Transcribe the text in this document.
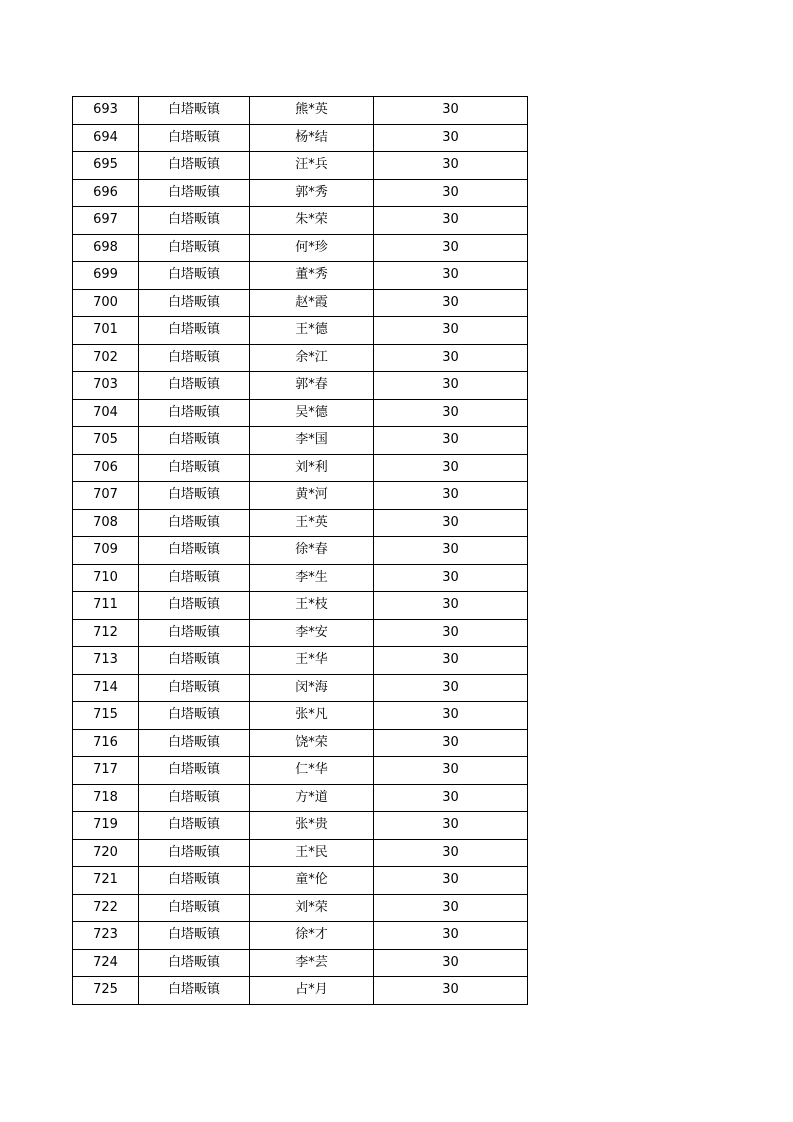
693	白塔畈镇	熊*英	30
694	白塔畈镇	杨*结	30
695	白塔畈镇	汪*兵	30
696	白塔畈镇	郭*秀	30
697	白塔畈镇	朱*荣	30
698	白塔畈镇	何*珍	30
699	白塔畈镇	董*秀	30
700	白塔畈镇	赵*霞	30
701	白塔畈镇	王*德	30
702	白塔畈镇	余*江	30
703	白塔畈镇	郭*春	30
704	白塔畈镇	吴*德	30
705	白塔畈镇	李*国	30
706	白塔畈镇	刘*利	30
707	白塔畈镇	黄*河	30
708	白塔畈镇	王*英	30
709	白塔畈镇	徐*春	30
710	白塔畈镇	李*生	30
711	白塔畈镇	王*枝	30
712	白塔畈镇	李*安	30
713	白塔畈镇	王*华	30
714	白塔畈镇	闵*海	30
715	白塔畈镇	张*凡	30
716	白塔畈镇	饶*荣	30
717	白塔畈镇	仁*华	30
718	白塔畈镇	方*道	30
719	白塔畈镇	张*贵	30
720	白塔畈镇	王*民	30
721	白塔畈镇	童*伦	30
722	白塔畈镇	刘*荣	30
723	白塔畈镇	徐*才	30
724	白塔畈镇	李*芸	30
725	白塔畈镇	占*月	30
